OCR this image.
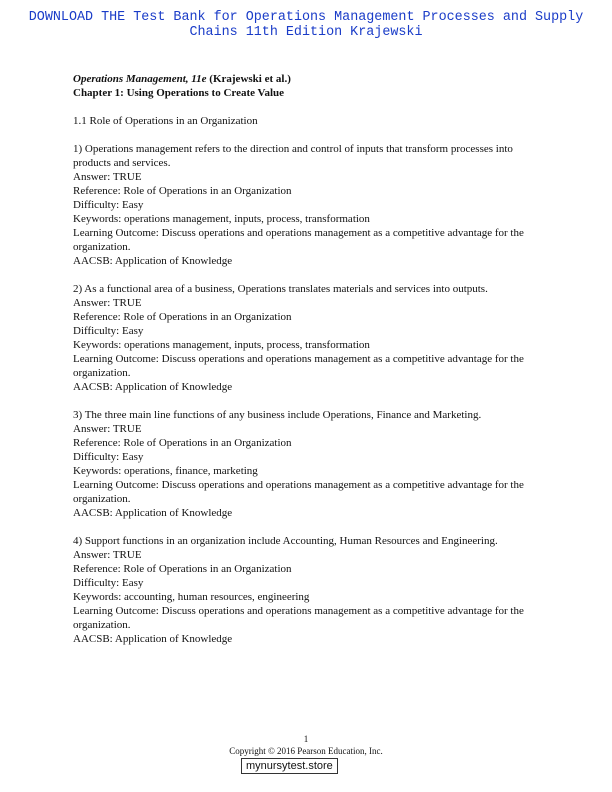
DOWNLOAD THE Test Bank for Operations Management Processes and Supply
Chains 11th Edition Krajewski
Operations Management, 11e (Krajewski et al.)
Chapter 1: Using Operations to Create Value
1.1 Role of Operations in an Organization
1) Operations management refers to the direction and control of inputs that transform processes into products and services.
Answer: TRUE
Reference: Role of Operations in an Organization
Difficulty: Easy
Keywords: operations management, inputs, process, transformation
Learning Outcome: Discuss operations and operations management as a competitive advantage for the organization.
AACSB: Application of Knowledge
2) As a functional area of a business, Operations translates materials and services into outputs.
Answer: TRUE
Reference: Role of Operations in an Organization
Difficulty: Easy
Keywords: operations management, inputs, process, transformation
Learning Outcome: Discuss operations and operations management as a competitive advantage for the organization.
AACSB: Application of Knowledge
3) The three main line functions of any business include Operations, Finance and Marketing.
Answer: TRUE
Reference: Role of Operations in an Organization
Difficulty: Easy
Keywords: operations, finance, marketing
Learning Outcome: Discuss operations and operations management as a competitive advantage for the organization.
AACSB: Application of Knowledge
4) Support functions in an organization include Accounting, Human Resources and Engineering.
Answer: TRUE
Reference: Role of Operations in an Organization
Difficulty: Easy
Keywords: accounting, human resources, engineering
Learning Outcome: Discuss operations and operations management as a competitive advantage for the organization.
AACSB: Application of Knowledge
1
Copyright © 2016 Pearson Education, Inc.
mynursytest.store
